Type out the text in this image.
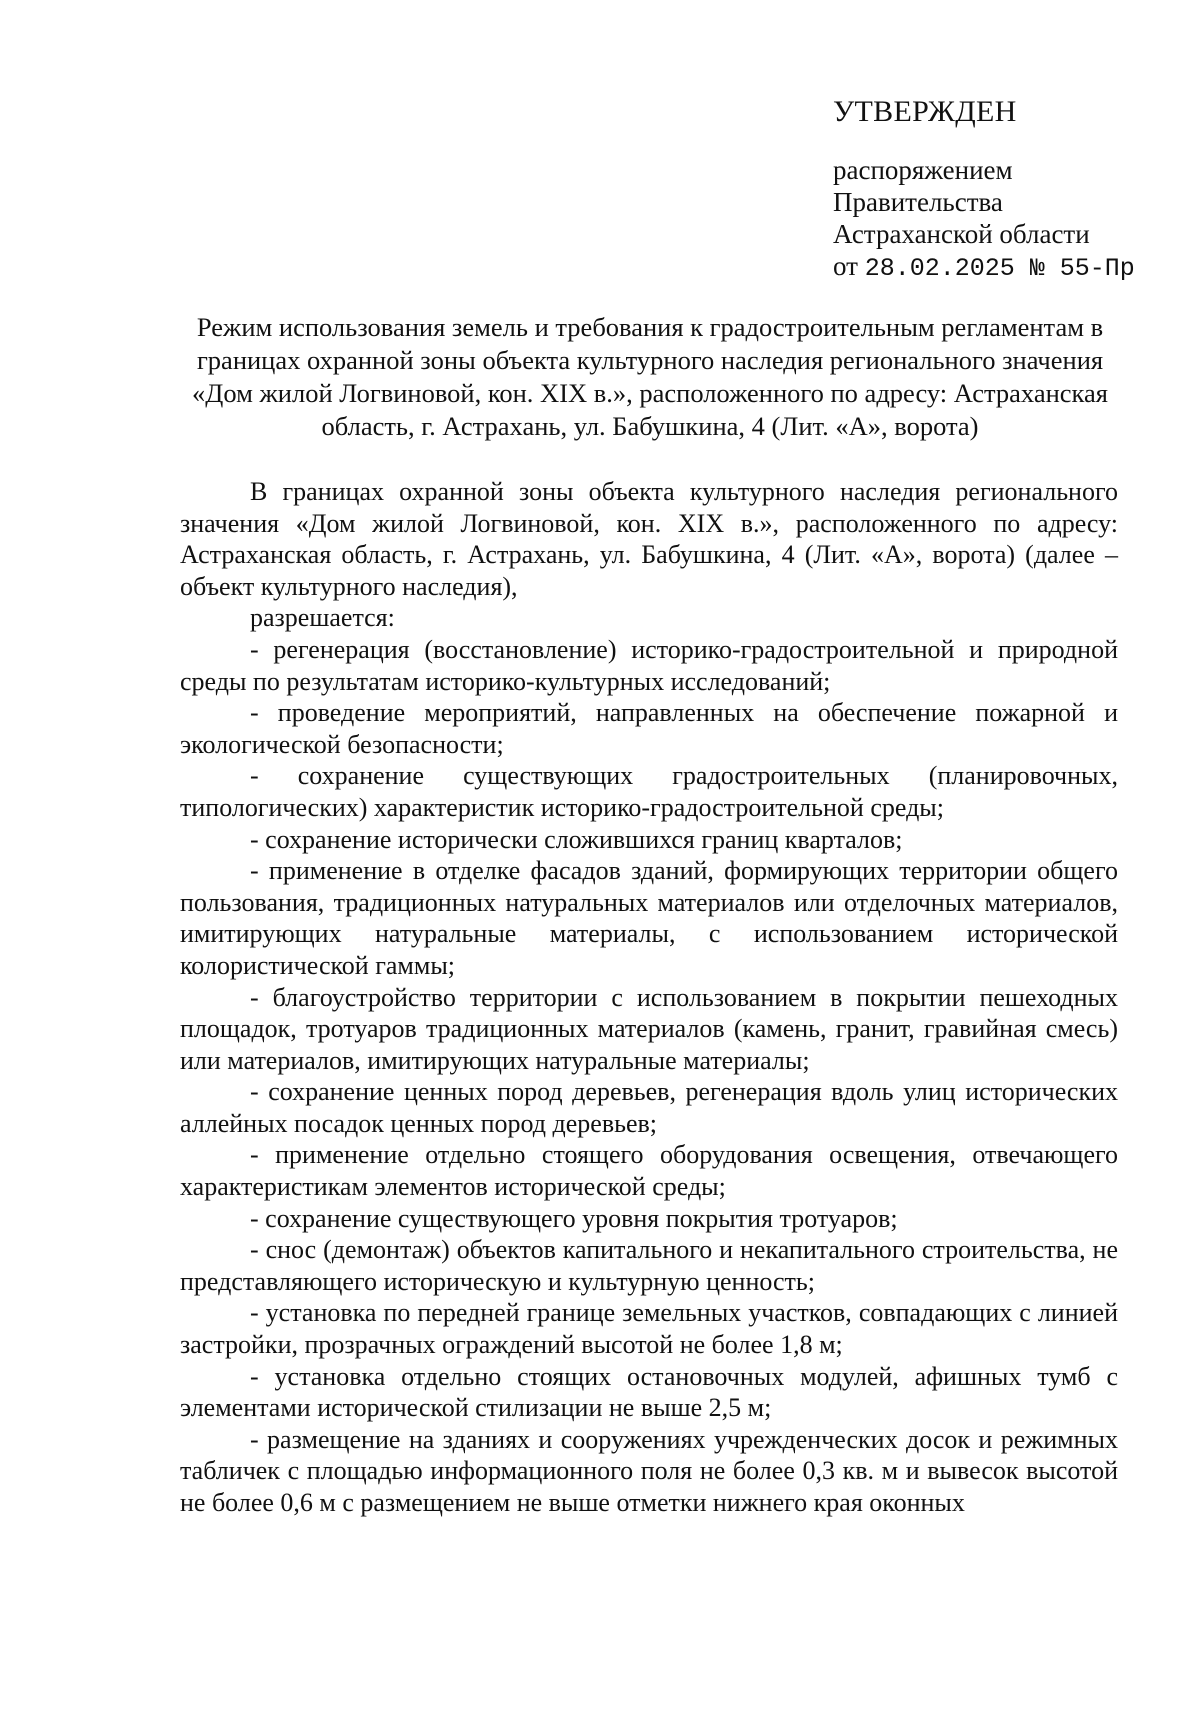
УТВЕРЖДЕН
распоряжением
Правительства
Астраханской области
от 28.02.2025 № 55-Пр
Режим использования земель и требования к градостроительным регламентам в границах охранной зоны объекта культурного наследия регионального значения «Дом жилой Логвиновой, кон. XIX в.», расположенного по адресу: Астраханская область, г. Астрахань, ул. Бабушкина, 4 (Лит. «А», ворота)

В границах охранной зоны объекта культурного наследия регионального значения «Дом жилой Логвиновой, кон. XIX в.», расположенного по адресу: Астраханская область, г. Астрахань, ул. Бабушкина, 4 (Лит. «А», ворота) (далее – объект культурного наследия),

разрешается:

- регенерация (восстановление) историко-градостроительной и природной среды по результатам историко-культурных исследований;

- проведение мероприятий, направленных на обеспечение пожарной и экологической безопасности;

- сохранение существующих градостроительных (планировочных, типологических) характеристик историко-градостроительной среды;

- сохранение исторически сложившихся границ кварталов;

- применение в отделке фасадов зданий, формирующих территории общего пользования, традиционных натуральных материалов или отделочных материалов, имитирующих натуральные материалы, с использованием исторической колористической гаммы;

- благоустройство территории с использованием в покрытии пешеходных площадок, тротуаров традиционных материалов (камень, гранит, гравийная смесь) или материалов, имитирующих натуральные материалы;

- сохранение ценных пород деревьев, регенерация вдоль улиц исторических аллейных посадок ценных пород деревьев;

- применение отдельно стоящего оборудования освещения, отвечающего характеристикам элементов исторической среды;

- сохранение существующего уровня покрытия тротуаров;

- снос (демонтаж) объектов капитального и некапитального строительства, не представляющего историческую и культурную ценность;

- установка по передней границе земельных участков, совпадающих с линией застройки, прозрачных ограждений высотой не более 1,8 м;

- установка отдельно стоящих остановочных модулей, афишных тумб с элементами исторической стилизации не выше 2,5 м;

- размещение на зданиях и сооружениях учрежденческих досок и режимных табличек с площадью информационного поля не более 0,3 кв. м и вывесок высотой не более 0,6 м с размещением не выше отметки нижнего края оконных
